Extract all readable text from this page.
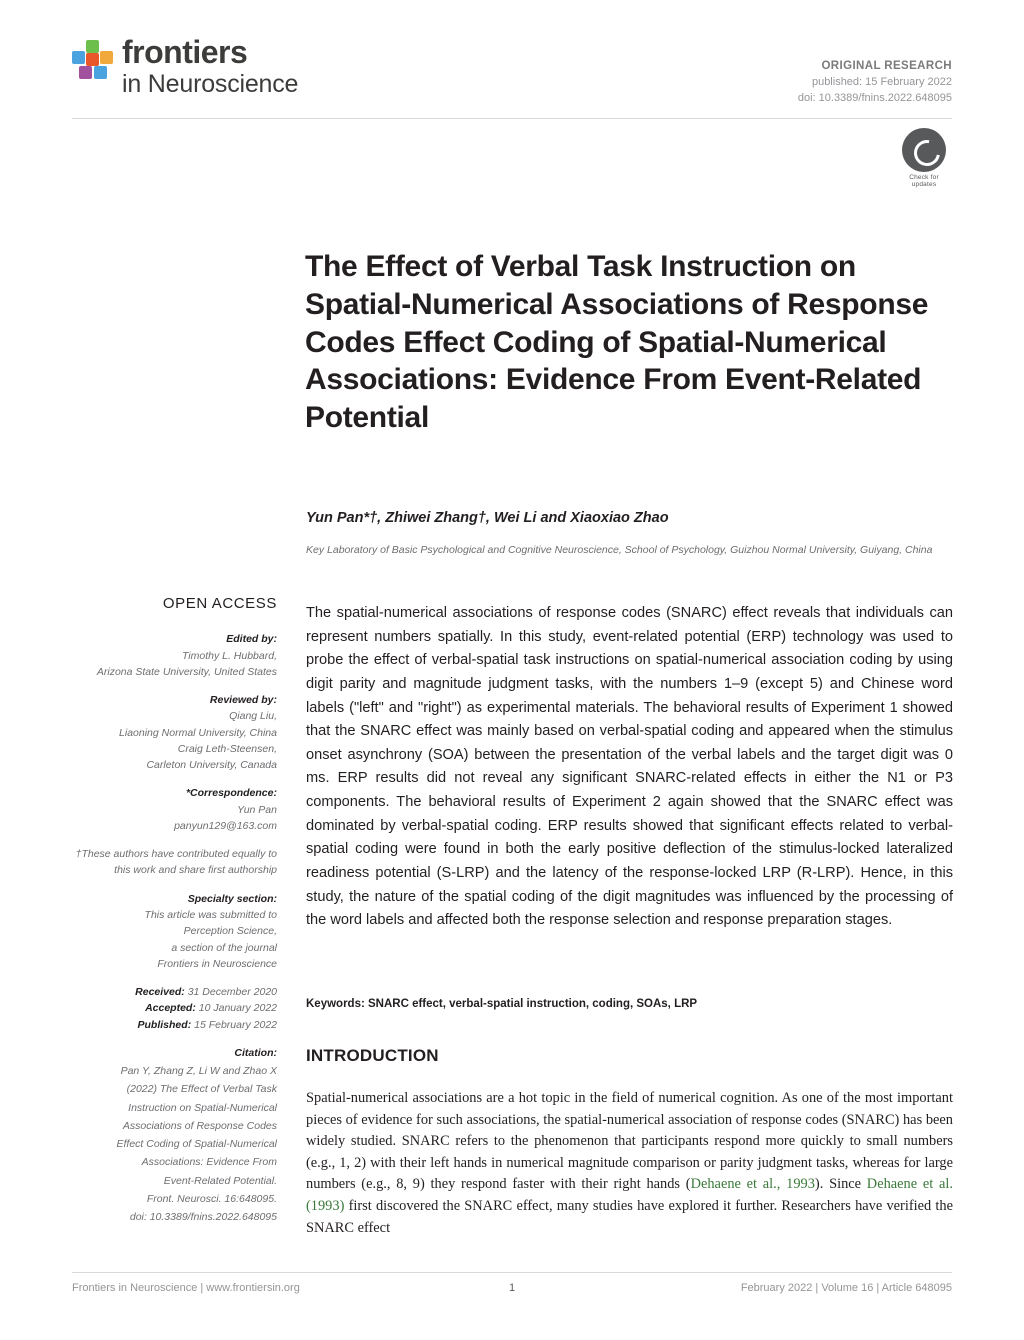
frontiers
in Neuroscience
ORIGINAL RESEARCH
published: 15 February 2022
doi: 10.3389/fnins.2022.648095
Check for updates
The Effect of Verbal Task Instruction on Spatial-Numerical Associations of Response Codes Effect Coding of Spatial-Numerical Associations: Evidence From Event-Related Potential
Yun Pan*†, Zhiwei Zhang†, Wei Li and Xiaoxiao Zhao
Key Laboratory of Basic Psychological and Cognitive Neuroscience, School of Psychology, Guizhou Normal University, Guiyang, China
OPEN ACCESS
Edited by:
Timothy L. Hubbard,
Arizona State University, United States
Reviewed by:
Qiang Liu,
Liaoning Normal University, China
Craig Leth-Steensen,
Carleton University, Canada
*Correspondence:
Yun Pan
panyun129@163.com
†These authors have contributed equally to this work and share first authorship
Specialty section:
This article was submitted to
Perception Science,
a section of the journal
Frontiers in Neuroscience
Received: 31 December 2020
Accepted: 10 January 2022
Published: 15 February 2022
Citation:
Pan Y, Zhang Z, Li W and Zhao X
(2022) The Effect of Verbal Task
Instruction on Spatial-Numerical
Associations of Response Codes
Effect Coding of Spatial-Numerical
Associations: Evidence From
Event-Related Potential.
Front. Neurosci. 16:648095.
doi: 10.3389/fnins.2022.648095
The spatial-numerical associations of response codes (SNARC) effect reveals that individuals can represent numbers spatially. In this study, event-related potential (ERP) technology was used to probe the effect of verbal-spatial task instructions on spatial-numerical association coding by using digit parity and magnitude judgment tasks, with the numbers 1–9 (except 5) and Chinese word labels ("left" and "right") as experimental materials. The behavioral results of Experiment 1 showed that the SNARC effect was mainly based on verbal-spatial coding and appeared when the stimulus onset asynchrony (SOA) between the presentation of the verbal labels and the target digit was 0 ms. ERP results did not reveal any significant SNARC-related effects in either the N1 or P3 components. The behavioral results of Experiment 2 again showed that the SNARC effect was dominated by verbal-spatial coding. ERP results showed that significant effects related to verbal-spatial coding were found in both the early positive deflection of the stimulus-locked lateralized readiness potential (S-LRP) and the latency of the response-locked LRP (R-LRP). Hence, in this study, the nature of the spatial coding of the digit magnitudes was influenced by the processing of the word labels and affected both the response selection and response preparation stages.
Keywords: SNARC effect, verbal-spatial instruction, coding, SOAs, LRP
INTRODUCTION
Spatial-numerical associations are a hot topic in the field of numerical cognition. As one of the most important pieces of evidence for such associations, the spatial-numerical association of response codes (SNARC) has been widely studied. SNARC refers to the phenomenon that participants respond more quickly to small numbers (e.g., 1, 2) with their left hands in numerical magnitude comparison or parity judgment tasks, whereas for large numbers (e.g., 8, 9) they respond faster with their right hands (Dehaene et al., 1993). Since Dehaene et al. (1993) first discovered the SNARC effect, many studies have explored it further. Researchers have verified the SNARC effect
Frontiers in Neuroscience | www.frontiersin.org	1	February 2022 | Volume 16 | Article 648095
